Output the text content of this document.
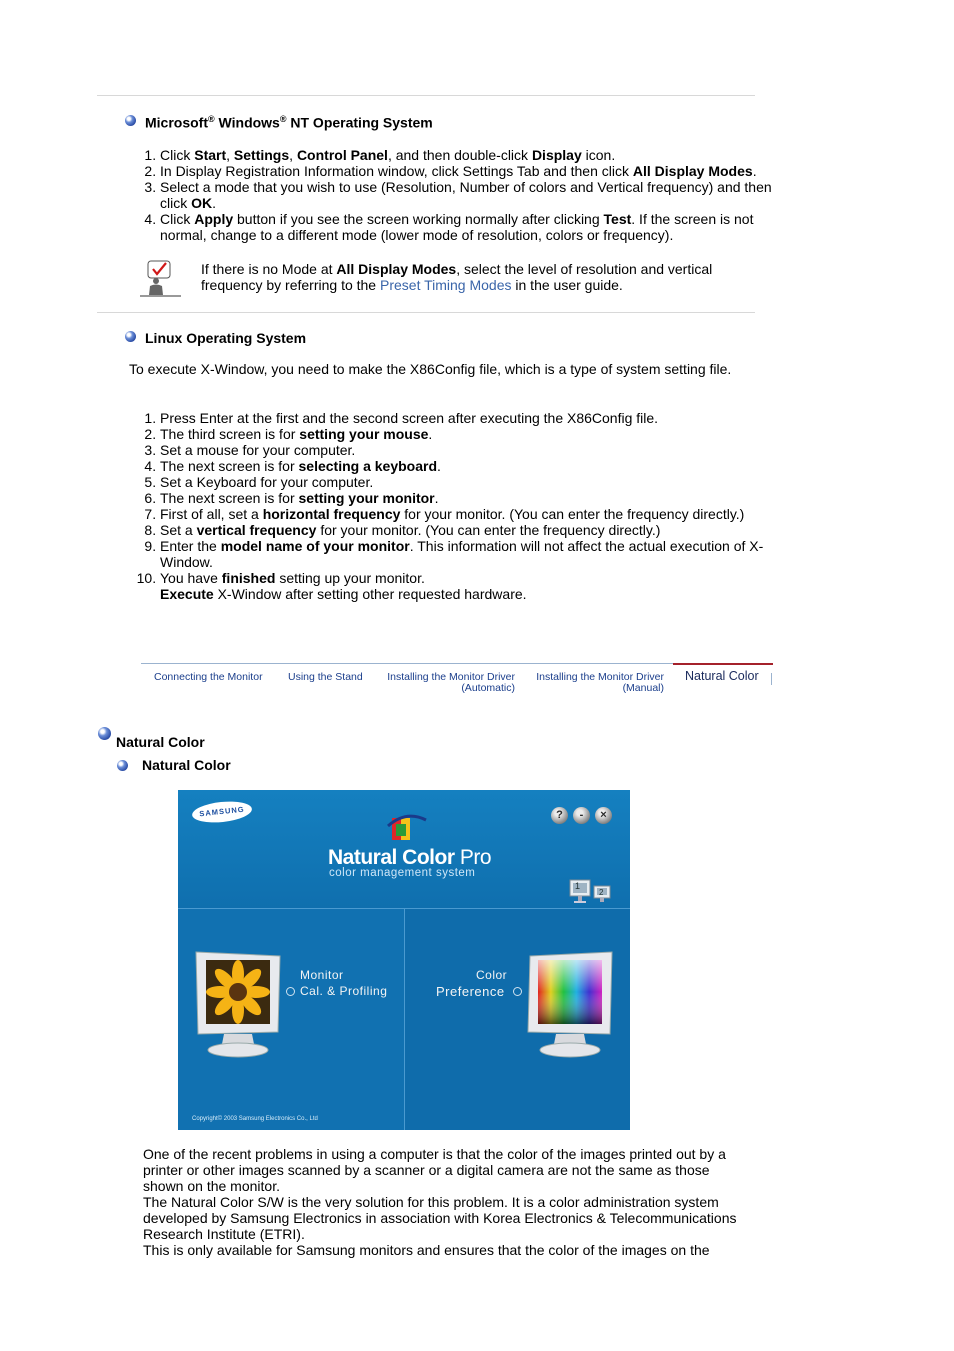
Microsoft® Windows® NT Operating System
1. Click Start, Settings, Control Panel, and then double-click Display icon.
2. In Display Registration Information window, click Settings Tab and then click All Display Modes.
3. Select a mode that you wish to use (Resolution, Number of colors and Vertical frequency) and then click OK.
4. Click Apply button if you see the screen working normally after clicking Test. If the screen is not normal, change to a different mode (lower mode of resolution, colors or frequency).
If there is no Mode at All Display Modes, select the level of resolution and vertical frequency by referring to the Preset Timing Modes in the user guide.
Linux Operating System
To execute X-Window, you need to make the X86Config file, which is a type of system setting file.
1. Press Enter at the first and the second screen after executing the X86Config file.
2. The third screen is for setting your mouse.
3. Set a mouse for your computer.
4. The next screen is for selecting a keyboard.
5. Set a Keyboard for your computer.
6. The next screen is for setting your monitor.
7. First of all, set a horizontal frequency for your monitor. (You can enter the frequency directly.)
8. Set a vertical frequency for your monitor. (You can enter the frequency directly.)
9. Enter the model name of your monitor. This information will not affect the actual execution of X-Window.
10. You have finished setting up your monitor.
Execute X-Window after setting other requested hardware.
Connecting the Monitor Using the Stand Installing the Monitor Driver
(Automatic)
Installing the Monitor Driver
(Manual)
Natural Color
Natural Color
Natural Color
SAMSUNG	?	-	×
Natural Color Pro
color management system
1
2
Monitor
Cal. & Profiling
Color
Preference
Copyright© 2003 Samsung Electronics Co., Ltd
One of the recent problems in using a computer is that the color of the images printed out by a printer or other images scanned by a scanner or a digital camera are not the same as those shown on the monitor.
The Natural Color S/W is the very solution for this problem. It is a color administration system developed by Samsung Electronics in association with Korea Electronics & Telecommunications Research Institute (ETRI).
This is only available for Samsung monitors and ensures that the color of the images on the
